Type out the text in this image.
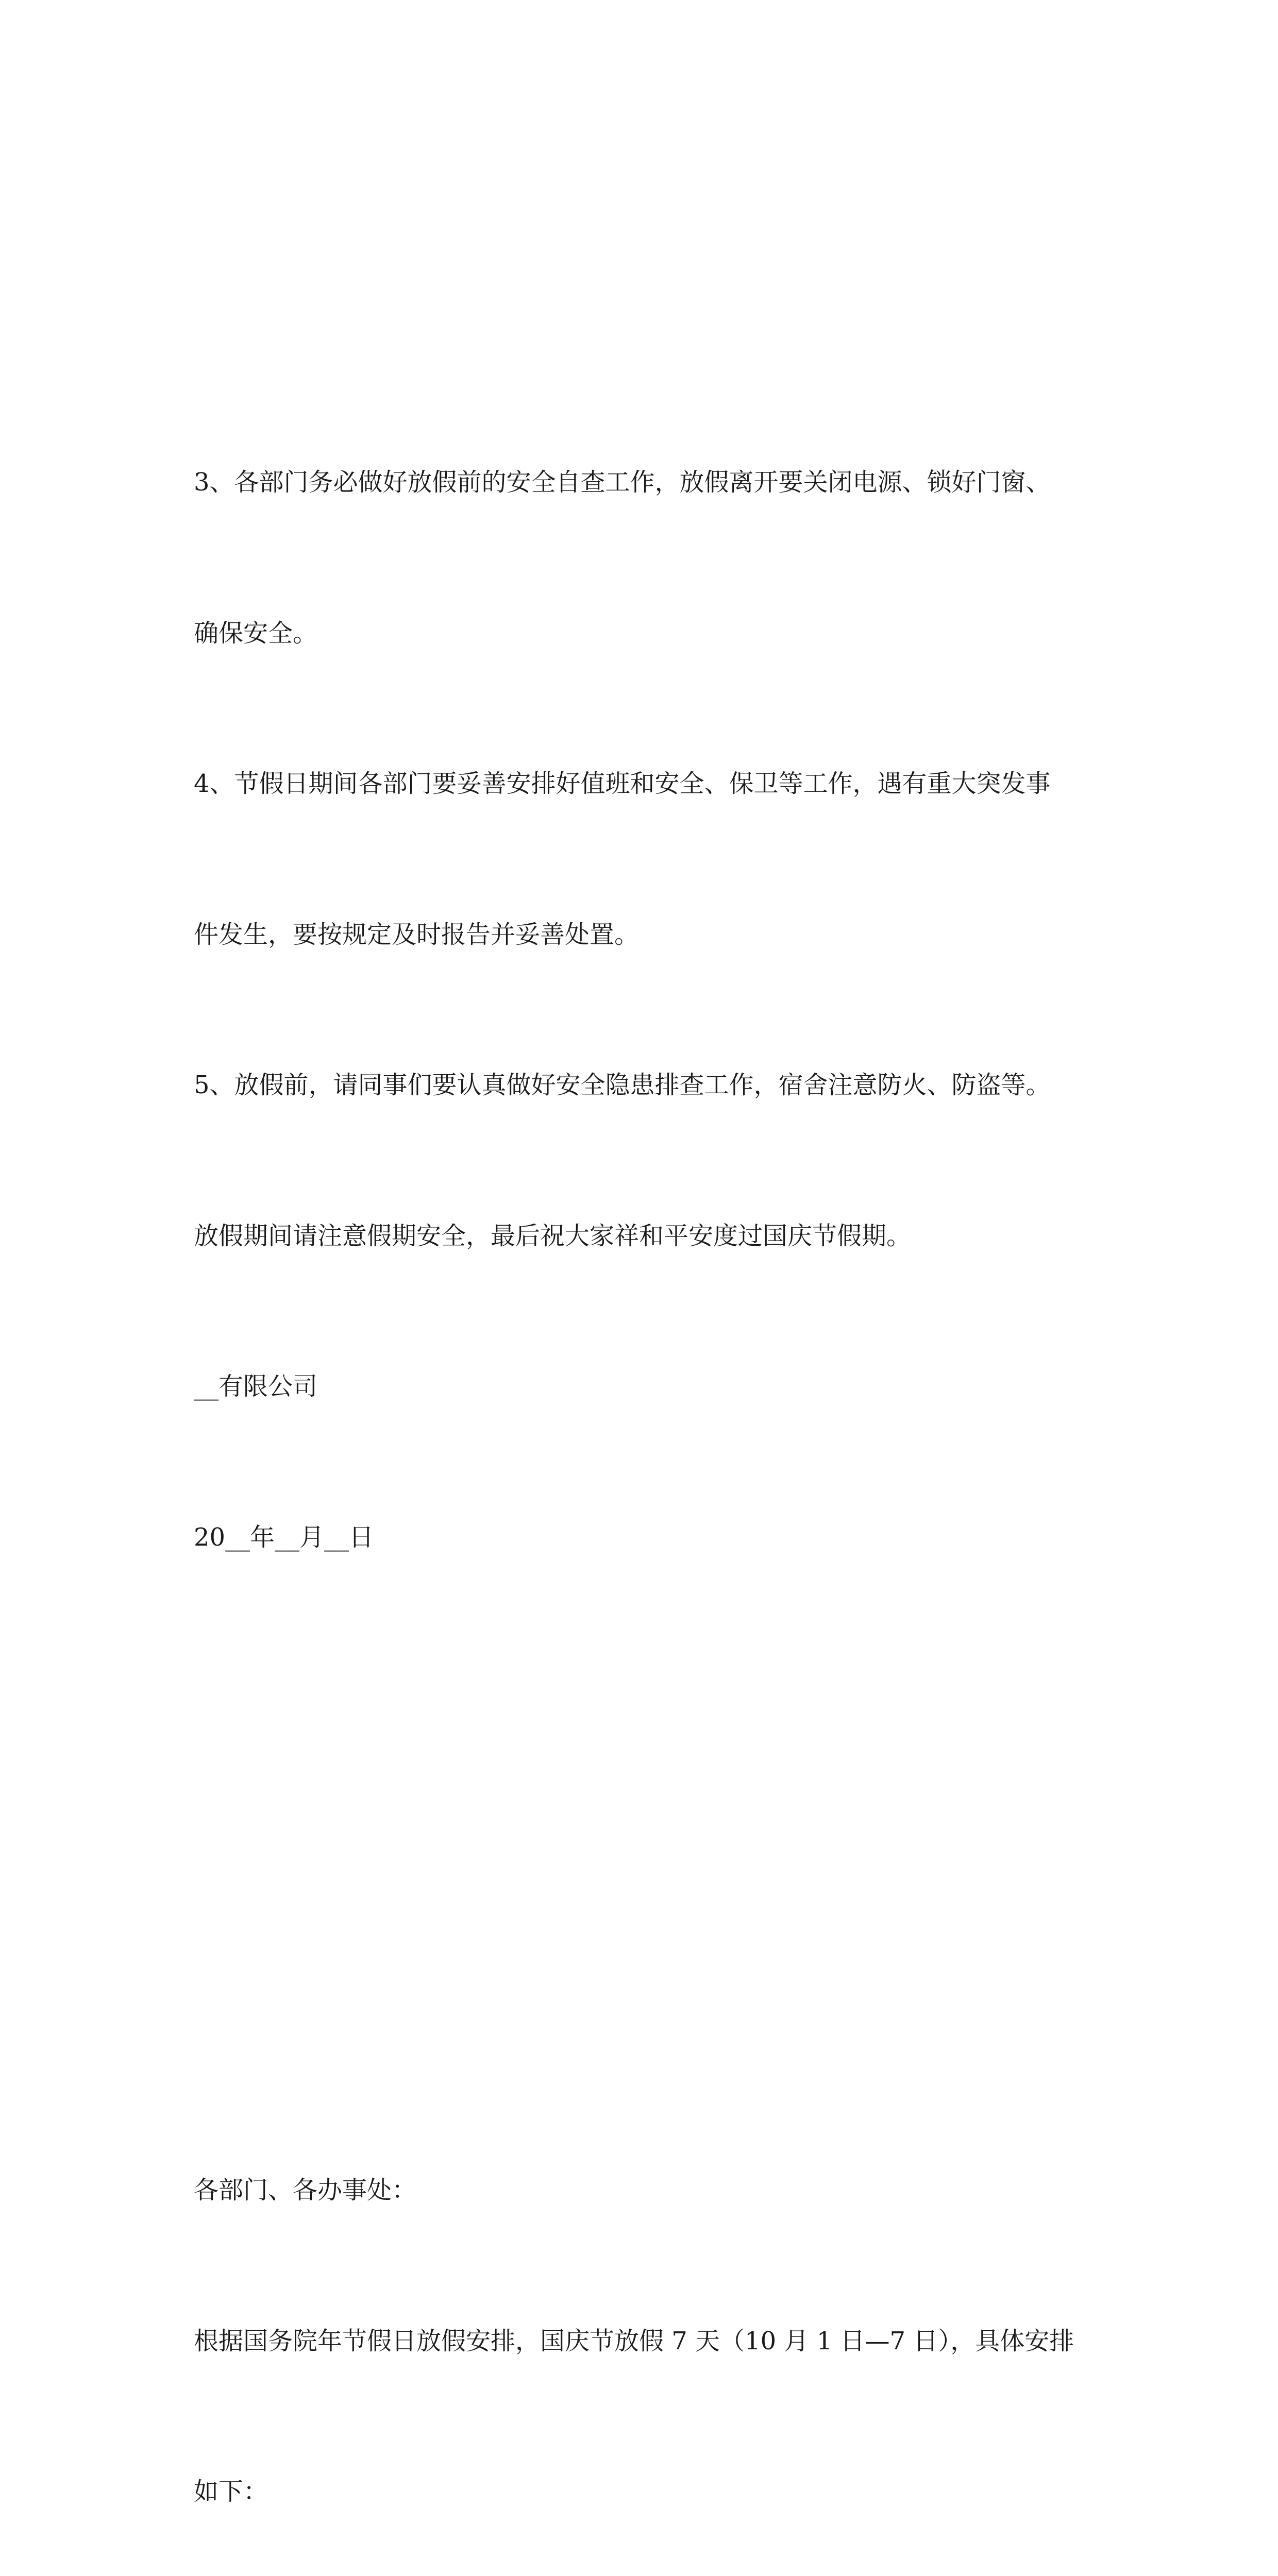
3、各部门务必做好放假前的安全自查工作，放假离开要关闭电源、锁好门窗、

确保安全。

4、节假日期间各部门要妥善安排好值班和安全、保卫等工作，遇有重大突发事

件发生，要按规定及时报告并妥善处置。

5、放假前，请同事们要认真做好安全隐患排查工作，宿舍注意防火、防盗等。

放假期间请注意假期安全，最后祝大家祥和平安度过国庆节假期。

__有限公司

20__年__月__日

各部门、各办事处：

根据国务院年节假日放假安排，国庆节放假 7 天（10 月 1 日—7 日），具体安排

如下：
